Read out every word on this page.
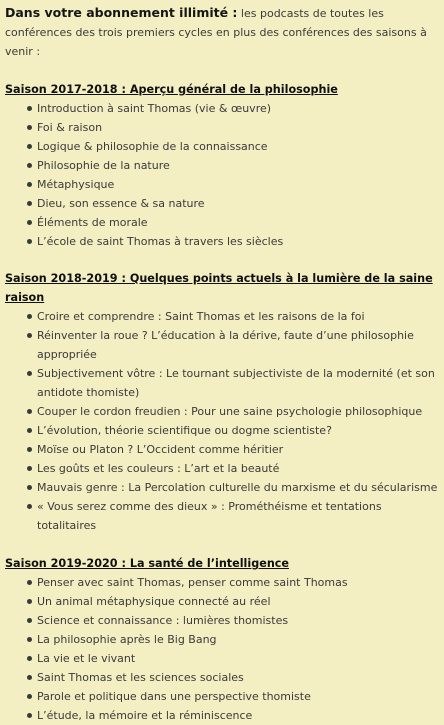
Dans votre abonnement illimité : les podcasts de toutes les conférences des trois premiers cycles en plus des conférences des saisons à venir :

Saison 2017-2018 : Aperçu général de la philosophie
Introduction à saint Thomas (vie & œuvre)
Foi & raison
Logique & philosophie de la connaissance
Philosophie de la nature
Métaphysique
Dieu, son essence & sa nature
Éléments de morale
L’école de saint Thomas à travers les siècles
Saison 2018-2019 : Quelques points actuels à la lumière de la saine raison
Croire et comprendre : Saint Thomas et les raisons de la foi
Réinventer la roue ? L’éducation à la dérive, faute d’une philosophie appropriée
Subjectivement vôtre : Le tournant subjectiviste de la modernité (et son antidote thomiste)
Couper le cordon freudien : Pour une saine psychologie philosophique
L’évolution, théorie scientifique ou dogme scientiste?
Moïse ou Platon ? L’Occident comme héritier
Les goûts et les couleurs : L’art et la beauté
Mauvais genre : La Percolation culturelle du marxisme et du sécularisme
« Vous serez comme des dieux » : Prométhéisme et tentations totalitaires
Saison 2019-2020 : La santé de l’intelligence
Penser avec saint Thomas, penser comme saint Thomas
Un animal métaphysique connecté au réel
Science et connaissance : lumières thomistes
La philosophie après le Big Bang
La vie et le vivant
Saint Thomas et les sciences sociales
Parole et politique dans une perspective thomiste
L’étude, la mémoire et la réminiscence
